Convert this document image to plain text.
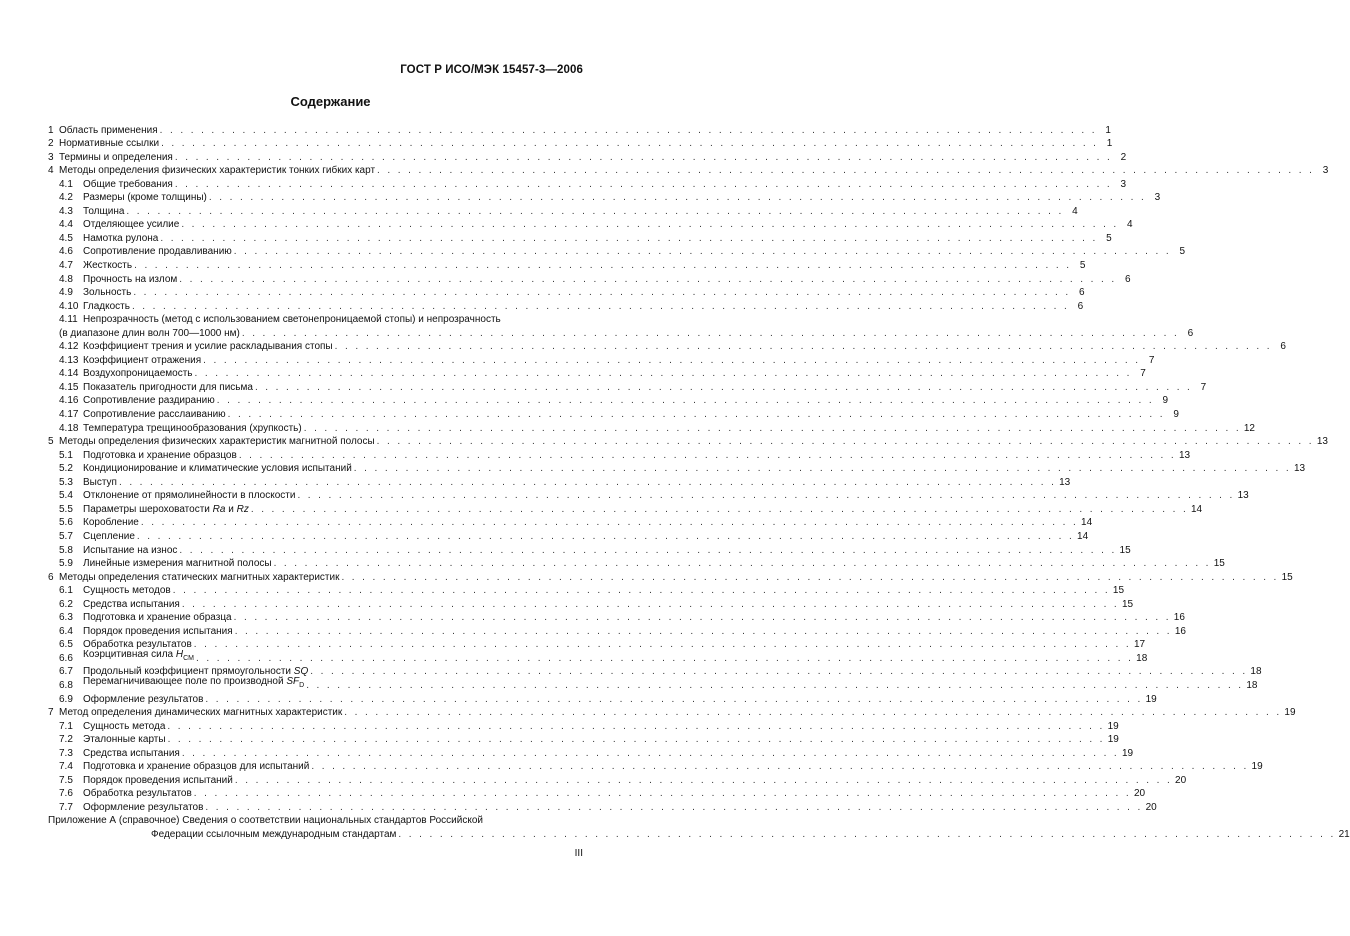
ГОСТ Р ИСО/МЭК 15457-3—2006
Содержание
1 Область применения . . . . . . . . . . . . . . . . . . . . . . . . . . . . . . . . . . . . . . . . . . . . . . . . . . . . . . . . . . . . . . . . . . . . . . . . . . . . . . . . . . . . . . . . . . . 1
2 Нормативные ссылки . . . . . . . . . . . . . . . . . . . . . . . . . . . . . . . . . . . . . . . . . . . . . . . . . . . . . . . . . . . . . . . . . . . . . . . . . . . . . . . . . . . . . . . . . . . 1
3 Термины и определения . . . . . . . . . . . . . . . . . . . . . . . . . . . . . . . . . . . . . . . . . . . . . . . . . . . . . . . . . . . . . . . . . . . . . . . . . . . . . . . . . . . . . . . . . . . 2
4 Методы определения физических характеристик тонких гибких карт . . . . . . . . . . . . . . . . . . . . . . . . . . . . . . . . . . . . . . . . . . . . . . . . . . . . . . . . . . . . . . . . . . . . . . . . . . . . . . . . . . . . . . . . . . . 3
4.1	Общие требования . . . . . . . . . . . . . . . . . . . . . . . . . . . . . . . . . . . . . . . . . . . . . . . . . . . . . . . . . . . . . . . . . . . . . . . . . . . . . . . . . . . . . . . . . . . 3
4.2	Размеры (кроме толщины) . . . . . . . . . . . . . . . . . . . . . . . . . . . . . . . . . . . . . . . . . . . . . . . . . . . . . . . . . . . . . . . . . . . . . . . . . . . . . . . . . . . . . . . . . . . 3
4.3	Толщина . . . . . . . . . . . . . . . . . . . . . . . . . . . . . . . . . . . . . . . . . . . . . . . . . . . . . . . . . . . . . . . . . . . . . . . . . . . . . . . . . . . . . . . . . . . 4
4.4	Отделяющее усилие . . . . . . . . . . . . . . . . . . . . . . . . . . . . . . . . . . . . . . . . . . . . . . . . . . . . . . . . . . . . . . . . . . . . . . . . . . . . . . . . . . . . . . . . . . . 4
4.5	Намотка рулона . . . . . . . . . . . . . . . . . . . . . . . . . . . . . . . . . . . . . . . . . . . . . . . . . . . . . . . . . . . . . . . . . . . . . . . . . . . . . . . . . . . . . . . . . . . 5
4.6	Сопротивление продавливанию . . . . . . . . . . . . . . . . . . . . . . . . . . . . . . . . . . . . . . . . . . . . . . . . . . . . . . . . . . . . . . . . . . . . . . . . . . . . . . . . . . . . . . . . . . . 5
4.7	Жесткость . . . . . . . . . . . . . . . . . . . . . . . . . . . . . . . . . . . . . . . . . . . . . . . . . . . . . . . . . . . . . . . . . . . . . . . . . . . . . . . . . . . . . . . . . . . 5
4.8	Прочность на излом . . . . . . . . . . . . . . . . . . . . . . . . . . . . . . . . . . . . . . . . . . . . . . . . . . . . . . . . . . . . . . . . . . . . . . . . . . . . . . . . . . . . . . . . . . . 6
4.9	Зольность . . . . . . . . . . . . . . . . . . . . . . . . . . . . . . . . . . . . . . . . . . . . . . . . . . . . . . . . . . . . . . . . . . . . . . . . . . . . . . . . . . . . . . . . . . . 6
4.10 Гладкость . . . . . . . . . . . . . . . . . . . . . . . . . . . . . . . . . . . . . . . . . . . . . . . . . . . . . . . . . . . . . . . . . . . . . . . . . . . . . . . . . . . . . . . . . . . 6
4.11 Непрозрачность (метод с использованием светонепроницаемой стопы) и непрозрачность
(в диапазоне длин волн 700—1000 нм) . . . . . . . . . . . . . . . . . . . . . . . . . . . . . . . . . . . . . . . . . . . . . . . . . . . . . . . . . . . . . . . . . . . . . . . . . . . . . . . . . . . . . . . . . . . 6
4.12 Коэффициент трения и усилие раскладывания стопы . . . . . . . . . . . . . . . . . . . . . . . . . . . . . . . . . . . . . . . . . . . . . . . . . . . . . . . . . . . . . . . . . . . . . . . . . . . . . . . . . . . . . . . . . . . 6
4.13 Коэффициент отражения . . . . . . . . . . . . . . . . . . . . . . . . . . . . . . . . . . . . . . . . . . . . . . . . . . . . . . . . . . . . . . . . . . . . . . . . . . . . . . . . . . . . . . . . . . . 7
4.14 Воздухопроницаемость . . . . . . . . . . . . . . . . . . . . . . . . . . . . . . . . . . . . . . . . . . . . . . . . . . . . . . . . . . . . . . . . . . . . . . . . . . . . . . . . . . . . . . . . . . . 7
4.15 Показатель пригодности для письма . . . . . . . . . . . . . . . . . . . . . . . . . . . . . . . . . . . . . . . . . . . . . . . . . . . . . . . . . . . . . . . . . . . . . . . . . . . . . . . . . . . . . . . . . . . 7
4.16 Сопротивление раздиранию . . . . . . . . . . . . . . . . . . . . . . . . . . . . . . . . . . . . . . . . . . . . . . . . . . . . . . . . . . . . . . . . . . . . . . . . . . . . . . . . . . . . . . . . . . . 9
4.17 Сопротивление расслаиванию . . . . . . . . . . . . . . . . . . . . . . . . . . . . . . . . . . . . . . . . . . . . . . . . . . . . . . . . . . . . . . . . . . . . . . . . . . . . . . . . . . . . . . . . . . . 9
4.18 Температура трещинообразования (хрупкость) . . . . . . . . . . . . . . . . . . . . . . . . . . . . . . . . . . . . . . . . . . . . . . . . . . . . . . . . . . . . . . . . . . . . . . . . . . . . . . . . . . . . . . . . . . . 12
5 Методы определения физических характеристик магнитной полосы . . . . . . . . . . . . . . . . . . . . . . . . . . . . . . . . . . . . . . . . . . . . . . . . . . . . . . . . . . . . . . . . . . . . . . . . . . . . . . . . . . . . . . . . . . . 13
5.1	Подготовка и хранение образцов . . . . . . . . . . . . . . . . . . . . . . . . . . . . . . . . . . . . . . . . . . . . . . . . . . . . . . . . . . . . . . . . . . . . . . . . . . . . . . . . . . . . . . . . . . . 13
5.2	Кондиционирование и климатические условия испытаний . . . . . . . . . . . . . . . . . . . . . . . . . . . . . . . . . . . . . . . . . . . . . . . . . . . . . . . . . . . . . . . . . . . . . . . . . . . . . . . . . . . . . . . . . . . 13
5.3	Выступ . . . . . . . . . . . . . . . . . . . . . . . . . . . . . . . . . . . . . . . . . . . . . . . . . . . . . . . . . . . . . . . . . . . . . . . . . . . . . . . . . . . . . . . . . . . 13
5.4	Отклонение от прямолинейности в плоскости . . . . . . . . . . . . . . . . . . . . . . . . . . . . . . . . . . . . . . . . . . . . . . . . . . . . . . . . . . . . . . . . . . . . . . . . . . . . . . . . . . . . . . . . . . . 13
5.5	Параметры шероховатости Ra и Rz . . . . . . . . . . . . . . . . . . . . . . . . . . . . . . . . . . . . . . . . . . . . . . . . . . . . . . . . . . . . . . . . . . . . . . . . . . . . . . . . . . . . . . . . . . . 14
5.6	Коробление . . . . . . . . . . . . . . . . . . . . . . . . . . . . . . . . . . . . . . . . . . . . . . . . . . . . . . . . . . . . . . . . . . . . . . . . . . . . . . . . . . . . . . . . . . . 14
5.7	Сцепление . . . . . . . . . . . . . . . . . . . . . . . . . . . . . . . . . . . . . . . . . . . . . . . . . . . . . . . . . . . . . . . . . . . . . . . . . . . . . . . . . . . . . . . . . . . 14
5.8	Испытание на износ . . . . . . . . . . . . . . . . . . . . . . . . . . . . . . . . . . . . . . . . . . . . . . . . . . . . . . . . . . . . . . . . . . . . . . . . . . . . . . . . . . . . . . . . . . . 15
5.9	Линейные измерения магнитной полосы . . . . . . . . . . . . . . . . . . . . . . . . . . . . . . . . . . . . . . . . . . . . . . . . . . . . . . . . . . . . . . . . . . . . . . . . . . . . . . . . . . . . . . . . . . . 15
6 Методы определения статических магнитных характеристик . . . . . . . . . . . . . . . . . . . . . . . . . . . . . . . . . . . . . . . . . . . . . . . . . . . . . . . . . . . . . . . . . . . . . . . . . . . . . . . . . . . . . . . . . . . 15
6.1	Сущность методов . . . . . . . . . . . . . . . . . . . . . . . . . . . . . . . . . . . . . . . . . . . . . . . . . . . . . . . . . . . . . . . . . . . . . . . . . . . . . . . . . . . . . . . . . . . 15
6.2	Средства испытания . . . . . . . . . . . . . . . . . . . . . . . . . . . . . . . . . . . . . . . . . . . . . . . . . . . . . . . . . . . . . . . . . . . . . . . . . . . . . . . . . . . . . . . . . . . 15
6.3	Подготовка и хранение образца . . . . . . . . . . . . . . . . . . . . . . . . . . . . . . . . . . . . . . . . . . . . . . . . . . . . . . . . . . . . . . . . . . . . . . . . . . . . . . . . . . . . . . . . . . . 16
6.4	Порядок проведения испытания . . . . . . . . . . . . . . . . . . . . . . . . . . . . . . . . . . . . . . . . . . . . . . . . . . . . . . . . . . . . . . . . . . . . . . . . . . . . . . . . . . . . . . . . . . . 16
6.5	Обработка результатов . . . . . . . . . . . . . . . . . . . . . . . . . . . . . . . . . . . . . . . . . . . . . . . . . . . . . . . . . . . . . . . . . . . . . . . . . . . . . . . . . . . . . . . . . . . 17
6.6	Коэрцитивная сила $H_{CM}$ . . . . . . . . . . . . . . . . . . . . . . . . . . . . . . . . . . . . . . . . . . . . . . . . . . . . . . . . . . . . . . . . . . . . . . . . . . . . . . . . . . . . . . . . . . . 18
6.7	Продольный коэффициент прямоугольности SQ . . . . . . . . . . . . . . . . . . . . . . . . . . . . . . . . . . . . . . . . . . . . . . . . . . . . . . . . . . . . . . . . . . . . . . . . . . . . . . . . . . . . . . . . . . . 18
6.8	Перемагничивающее поле по производной $SF_D$ . . . . . . . . . . . . . . . . . . . . . . . . . . . . . . . . . . . . . . . . . . . . . . . . . . . . . . . . . . . . . . . . . . . . . . . . . . . . . . . . . . . . . . . . . . . 18
6.9	Оформление результатов . . . . . . . . . . . . . . . . . . . . . . . . . . . . . . . . . . . . . . . . . . . . . . . . . . . . . . . . . . . . . . . . . . . . . . . . . . . . . . . . . . . . . . . . . . . 19
7 Метод определения динамических магнитных характеристик . . . . . . . . . . . . . . . . . . . . . . . . . . . . . . . . . . . . . . . . . . . . . . . . . . . . . . . . . . . . . . . . . . . . . . . . . . . . . . . . . . . . . . . . . . . 19
7.1	Сущность метода . . . . . . . . . . . . . . . . . . . . . . . . . . . . . . . . . . . . . . . . . . . . . . . . . . . . . . . . . . . . . . . . . . . . . . . . . . . . . . . . . . . . . . . . . . . 19
7.2	Эталонные карты . . . . . . . . . . . . . . . . . . . . . . . . . . . . . . . . . . . . . . . . . . . . . . . . . . . . . . . . . . . . . . . . . . . . . . . . . . . . . . . . . . . . . . . . . . . 19
7.3	Средства испытания . . . . . . . . . . . . . . . . . . . . . . . . . . . . . . . . . . . . . . . . . . . . . . . . . . . . . . . . . . . . . . . . . . . . . . . . . . . . . . . . . . . . . . . . . . . 19
7.4	Подготовка и хранение образцов для испытаний . . . . . . . . . . . . . . . . . . . . . . . . . . . . . . . . . . . . . . . . . . . . . . . . . . . . . . . . . . . . . . . . . . . . . . . . . . . . . . . . . . . . . . . . . . . 19
7.5	Порядок проведения испытаний . . . . . . . . . . . . . . . . . . . . . . . . . . . . . . . . . . . . . . . . . . . . . . . . . . . . . . . . . . . . . . . . . . . . . . . . . . . . . . . . . . . . . . . . . . . 20
7.6	Обработка результатов . . . . . . . . . . . . . . . . . . . . . . . . . . . . . . . . . . . . . . . . . . . . . . . . . . . . . . . . . . . . . . . . . . . . . . . . . . . . . . . . . . . . . . . . . . . 20
7.7	Оформление результатов . . . . . . . . . . . . . . . . . . . . . . . . . . . . . . . . . . . . . . . . . . . . . . . . . . . . . . . . . . . . . . . . . . . . . . . . . . . . . . . . . . . . . . . . . . . 20
Приложение А (справочное) Сведения о соответствии национальных стандартов Российской
Федерации ссылочным международным стандартам . . . . . . . . . . . . . . . . . . . . . . . . . . . . . . . . . . . . . . . . . . . . . . . . . . . . . . . . . . . . . . . . . . . . . . . . . . . . . . . . . . . . . . . . . . . 21
III
